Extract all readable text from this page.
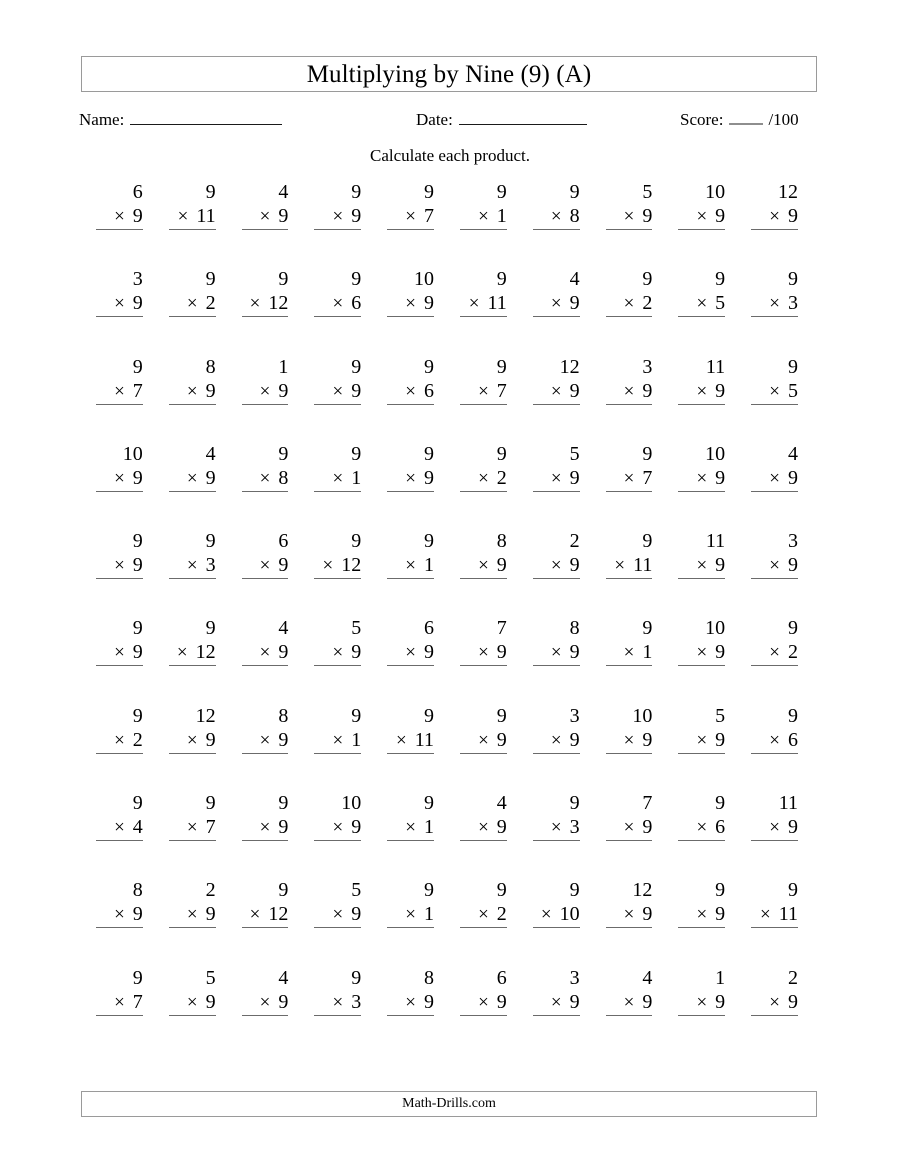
Multiplying by Nine (9) (A)
Name:	Date:	Score:	/100
Calculate each product.
6
× 9
9
× 11
4
× 9
9
× 9
9
× 7
9
× 1
9
× 8
5
× 9
10
× 9
12
× 9
3
× 9
9
× 2
9
× 12
9
× 6
10
× 9
9
× 11
4
× 9
9
× 2
9
× 5
9
× 3
9
× 7
8
× 9
1
× 9
9
× 9
9
× 6
9
× 7
12
× 9
3
× 9
11
× 9
9
× 5
10
× 9
4
× 9
9
× 8
9
× 1
9
× 9
9
× 2
5
× 9
9
× 7
10
× 9
4
× 9
9
× 9
9
× 3
6
× 9
9
× 12
9
× 1
8
× 9
2
× 9
9
× 11
11
× 9
3
× 9
9
× 9
9
× 12
4
× 9
5
× 9
6
× 9
7
× 9
8
× 9
9
× 1
10
× 9
9
× 2
9
× 2
12
× 9
8
× 9
9
× 1
9
× 11
9
× 9
3
× 9
10
× 9
5
× 9
9
× 6
9
× 4
9
× 7
9
× 9
10
× 9
9
× 1
4
× 9
9
× 3
7
× 9
9
× 6
11
× 9
8
× 9
2
× 9
9
× 12
5
× 9
9
× 1
9
× 2
9
× 10
12
× 9
9
× 9
9
× 11
9
× 7
5
× 9
4
× 9
9
× 3
8
× 9
6
× 9
3
× 9
4
× 9
1
× 9
2
× 9
Math-Drills.com
